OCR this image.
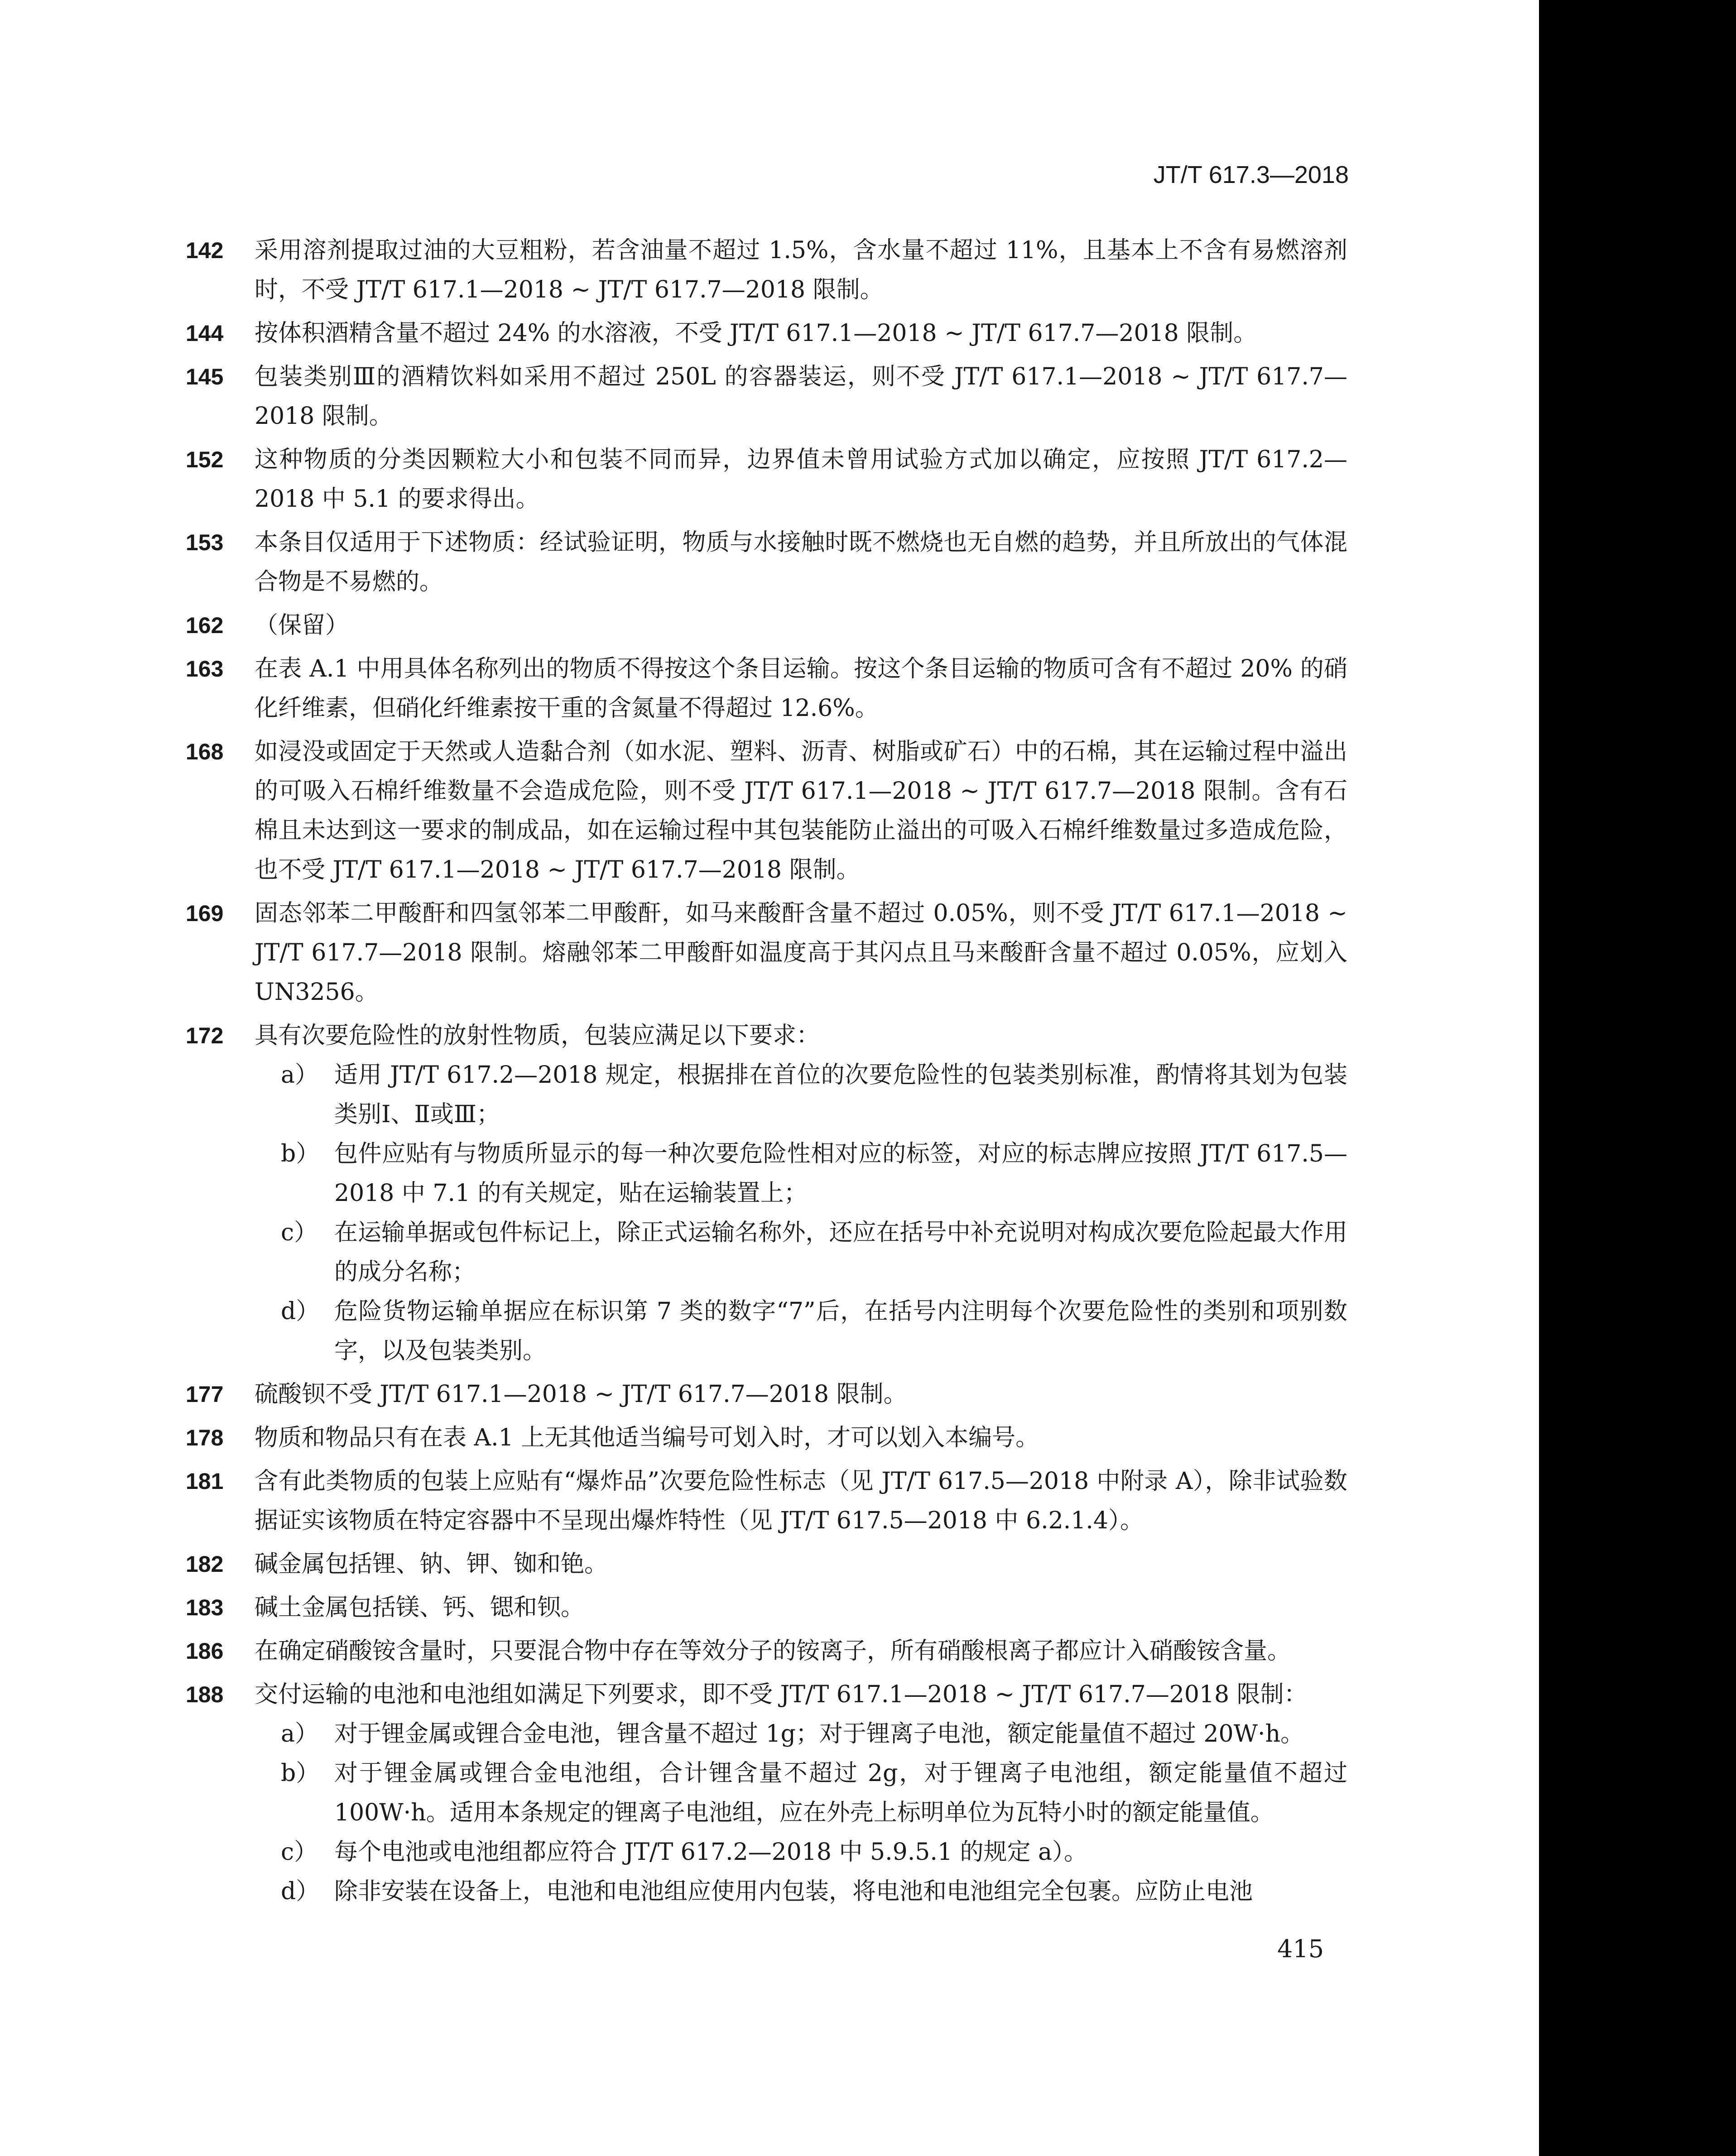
JT/T 617.3—2018
142 采用溶剂提取过油的大豆粗粉，若含油量不超过 1.5%，含水量不超过 11%，且基本上不含有易燃溶剂时，不受 JT/T 617.1—2018 ~ JT/T 617.7—2018 限制。
144 按体积酒精含量不超过 24% 的水溶液，不受 JT/T 617.1—2018 ~ JT/T 617.7—2018 限制。
145 包装类别Ⅲ的酒精饮料如采用不超过 250L 的容器装运，则不受 JT/T 617.1—2018 ~ JT/T 617.7—2018 限制。
152 这种物质的分类因颗粒大小和包装不同而异，边界值未曾用试验方式加以确定，应按照 JT/T 617.2—2018 中 5.1 的要求得出。
153 本条目仅适用于下述物质：经试验证明，物质与水接触时既不燃烧也无自燃的趋势，并且所放出的气体混合物是不易燃的。
162 （保留）
163 在表 A.1 中用具体名称列出的物质不得按这个条目运输。按这个条目运输的物质可含有不超过 20% 的硝化纤维素，但硝化纤维素按干重的含氮量不得超过 12.6%。
168 如浸没或固定于天然或人造黏合剂（如水泥、塑料、沥青、树脂或矿石）中的石棉，其在运输过程中溢出的可吸入石棉纤维数量不会造成危险，则不受 JT/T 617.1—2018 ~ JT/T 617.7—2018 限制。含有石棉且未达到这一要求的制成品，如在运输过程中其包装能防止溢出的可吸入石棉纤维数量过多造成危险，也不受 JT/T 617.1—2018 ~ JT/T 617.7—2018 限制。
169 固态邻苯二甲酸酐和四氢邻苯二甲酸酐，如马来酸酐含量不超过 0.05%，则不受 JT/T 617.1—2018 ~ JT/T 617.7—2018 限制。熔融邻苯二甲酸酐如温度高于其闪点且马来酸酐含量不超过 0.05%，应划入 UN3256。
172 具有次要危险性的放射性物质，包装应满足以下要求：
a） 适用 JT/T 617.2—2018 规定，根据排在首位的次要危险性的包装类别标准，酌情将其划为包装类别Ⅰ、Ⅱ或Ⅲ；
b） 包件应贴有与物质所显示的每一种次要危险性相对应的标签，对应的标志牌应按照 JT/T 617.5—2018 中 7.1 的有关规定，贴在运输装置上；
c） 在运输单据或包件标记上，除正式运输名称外，还应在括号中补充说明对构成次要危险起最大作用的成分名称；
d） 危险货物运输单据应在标识第 7 类的数字“7”后，在括号内注明每个次要危险性的类别和项别数字，以及包装类别。
177 硫酸钡不受 JT/T 617.1—2018 ~ JT/T 617.7—2018 限制。
178 物质和物品只有在表 A.1 上无其他适当编号可划入时，才可以划入本编号。
181 含有此类物质的包装上应贴有“爆炸品”次要危险性标志（见 JT/T 617.5—2018 中附录 A），除非试验数据证实该物质在特定容器中不呈现出爆炸特性（见 JT/T 617.5—2018 中 6.2.1.4）。
182 碱金属包括锂、钠、钾、铷和铯。
183 碱土金属包括镁、钙、锶和钡。
186 在确定硝酸铵含量时，只要混合物中存在等效分子的铵离子，所有硝酸根离子都应计入硝酸铵含量。
188 交付运输的电池和电池组如满足下列要求，即不受 JT/T 617.1—2018 ~ JT/T 617.7—2018 限制：
a） 对于锂金属或锂合金电池，锂含量不超过 1g；对于锂离子电池，额定能量值不超过 20W·h。
b） 对于锂金属或锂合金电池组，合计锂含量不超过 2g，对于锂离子电池组，额定能量值不超过 100W·h。适用本条规定的锂离子电池组，应在外壳上标明单位为瓦特小时的额定能量值。
c） 每个电池或电池组都应符合 JT/T 617.2—2018 中 5.9.5.1 的规定 a）。
d） 除非安装在设备上，电池和电池组应使用内包装，将电池和电池组完全包裹。应防止电池
415
